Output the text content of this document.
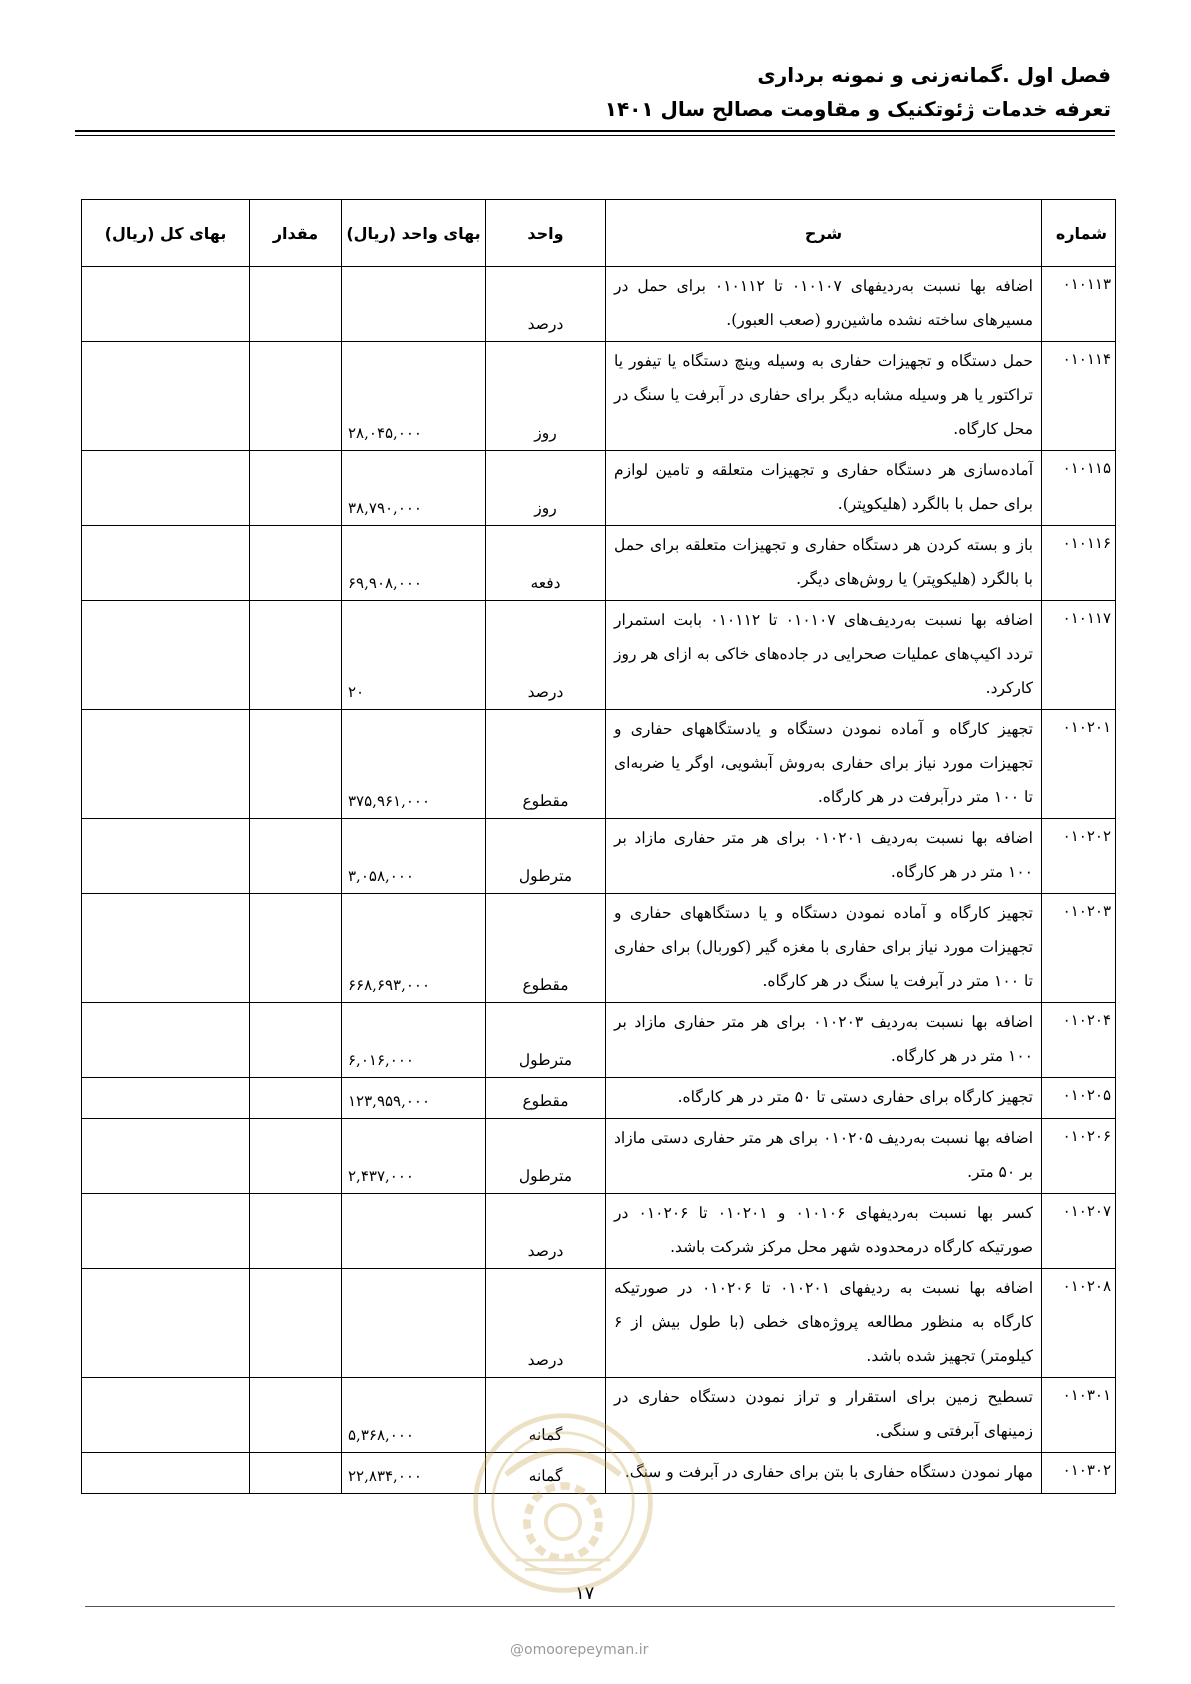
فصل اول .گمانه‌زنی و نمونه برداری
تعرفه خدمات ژئوتکنیک و مقاومت مصالح سال ۱۴۰۱
شماره	شرح	واحد	بهای واحد (ریال)	مقدار	بهای کل (ریال)
۰۱۰۱۱۳	اضافه بها نسبت به‌ردیفهای ۰۱۰۱۰۷ تا ۰۱۰۱۱۲ برای حمل در مسیرهای ساخته نشده ماشین‌رو (صعب العبور).	درصد			
۰۱۰۱۱۴	حمل دستگاه و تجهیزات حفاری به وسیله وینچ دستگاه یا تیفور یا تراکتور یا هر وسیله مشابه دیگر برای حفاری در آبرفت یا سنگ در محل کارگاه.	روز	۲۸,۰۴۵,۰۰۰		
۰۱۰۱۱۵	آماده‌سازی هر دستگاه حفاری و تجهیزات متعلقه و تامین لوازم برای حمل با بالگرد (هلیکوپتر).	روز	۳۸,۷۹۰,۰۰۰		
۰۱۰۱۱۶	باز و بسته کردن هر دستگاه حفاری و تجهیزات متعلقه برای حمل با بالگرد (هلیکوپتر) یا روش‌های دیگر.	دفعه	۶۹,۹۰۸,۰۰۰		
۰۱۰۱۱۷	اضافه بها نسبت به‌ردیف‌های ۰۱۰۱۰۷ تا ۰۱۰۱۱۲ بابت استمرار تردد اکیپ‌های عملیات صحرایی در جاده‌های خاکی به ازای هر روز کارکرد.	درصد	۲۰		
۰۱۰۲۰۱	تجهیز کارگاه و آماده نمودن دستگاه و یادستگاههای حفاری و تجهیزات مورد نیاز برای حفاری به‌روش آبشویی، اوگر یا ضربه‌ای تا ۱۰۰ متر درآبرفت در هر کارگاه.	مقطوع	۳۷۵,۹۶۱,۰۰۰		
۰۱۰۲۰۲	اضافه بها نسبت به‌ردیف ۰۱۰۲۰۱ برای هر متر حفاری مازاد بر ۱۰۰ متر در هر کارگاه.	مترطول	۳,۰۵۸,۰۰۰		
۰۱۰۲۰۳	تجهیز کارگاه و آماده نمودن دستگاه و یا دستگاههای حفاری و تجهیزات مورد نیاز برای حفاری با مغزه گیر (کوربال) برای حفاری تا ۱۰۰ متر در آبرفت یا سنگ در هر کارگاه.	مقطوع	۶۶۸,۶۹۳,۰۰۰		
۰۱۰۲۰۴	اضافه بها نسبت به‌ردیف ۰۱۰۲۰۳ برای هر متر حفاری مازاد بر ۱۰۰ متر در هر کارگاه.	مترطول	۶,۰۱۶,۰۰۰		
۰۱۰۲۰۵	تجهیز کارگاه برای حفاری دستی تا ۵۰ متر در هر کارگاه.	مقطوع	۱۲۳,۹۵۹,۰۰۰		
۰۱۰۲۰۶	اضافه بها نسبت به‌ردیف ۰۱۰۲۰۵ برای هر متر حفاری دستی مازاد بر ۵۰ متر.	مترطول	۲,۴۳۷,۰۰۰		
۰۱۰۲۰۷	کسر بها نسبت به‌ردیفهای ۰۱۰۱۰۶ و ۰۱۰۲۰۱ تا ۰۱۰۲۰۶ در صورتیکه کارگاه درمحدوده شهر محل مرکز شرکت باشد.	درصد			
۰۱۰۲۰۸	اضافه بها نسبت به ردیفهای ۰۱۰۲۰۱ تا ۰۱۰۲۰۶ در صورتیکه کارگاه به منظور مطالعه پروژه‌های خطی (با طول بیش از ۶ کیلومتر) تجهیز شده باشد.	درصد			
۰۱۰۳۰۱	تسطیح زمین برای استقرار و تراز نمودن دستگاه حفاری در زمینهای آبرفتی و سنگی.	گمانه	۵,۳۶۸,۰۰۰		
۰۱۰۳۰۲	مهار نمودن دستگاه حفاری با بتن برای حفاری در آبرفت و سنگ.	گمانه	۲۲,۸۳۴,۰۰۰		
۱۷
@omoorepeyman.ir
